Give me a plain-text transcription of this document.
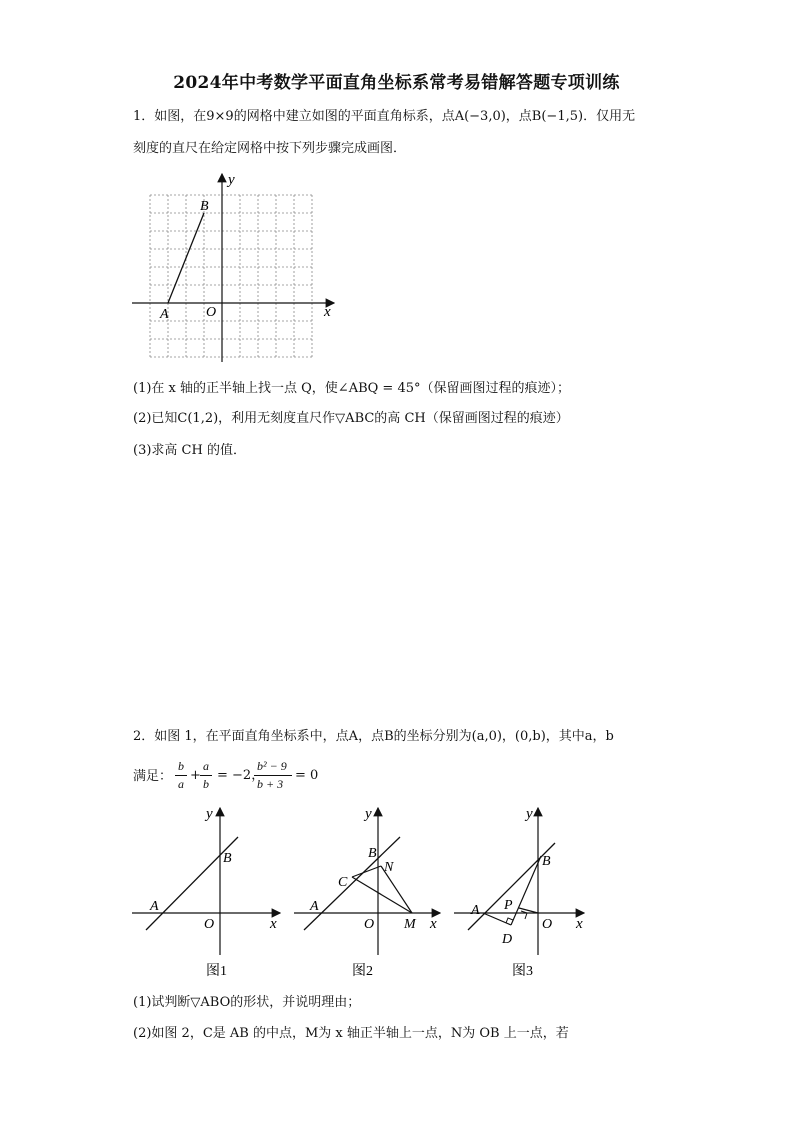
2024年中考数学平面直角坐标系常考易错解答题专项训练
1．如图，在9×9的网格中建立如图的平面直角标系，点A(−3,0)，点B(−1,5)．仅用无
刻度的直尺在给定网格中按下列步骤完成画图．
y
x
B
A	O
(1)在 x 轴的正半轴上找一点 Q，使∠ABQ = 45°（保留画图过程的痕迹）；
(2)已知C(1,2)，利用无刻度直尺作▽ABC的高 CH（保留画图过程的痕迹）
(3)求高 CH 的值．
2．如图 1，在平面直角坐标系中，点A，点B的坐标分别为(a,0)，(0,b)，其中a，b
满足：
b
a
+
a
b
= −2，
b² − 9
b + 3
= 0
y
x
A
B
O
图1
y
x
A
B
C
N
O M
图2
y
x
A
B
P
D
O
图3
(1)试判断▽ABO的形状，并说明理由；
(2)如图 2，C是 AB 的中点，M为 x 轴正半轴上一点，N为 OB 上一点，若
